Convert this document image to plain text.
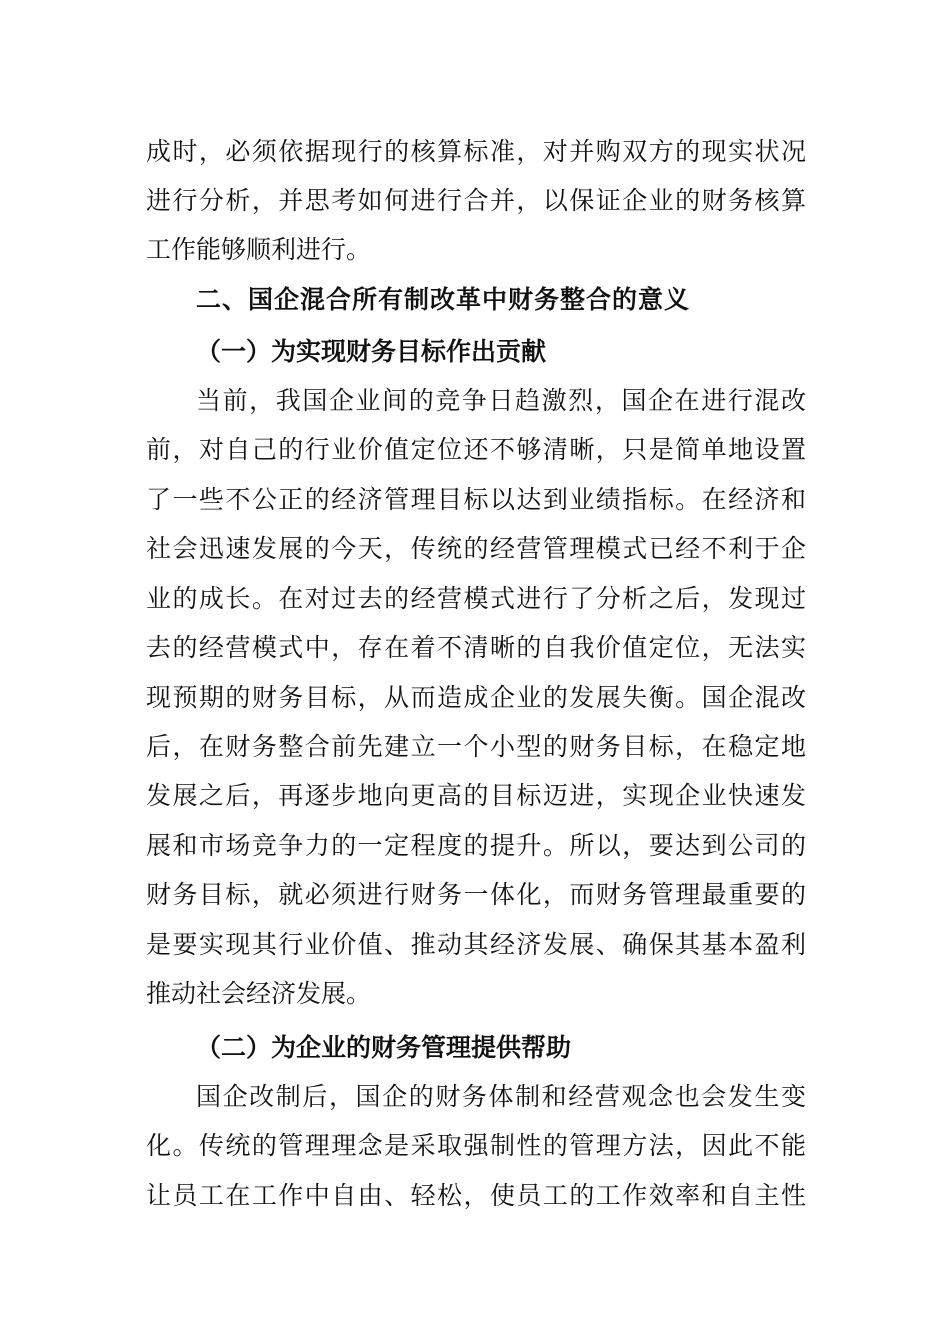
成时，必须依据现行的核算标准，对并购双方的现实状况
进行分析，并思考如何进行合并，以保证企业的财务核算
工作能够顺利进行。
二、国企混合所有制改革中财务整合的意义
（一）为实现财务目标作出贡献
当前，我国企业间的竞争日趋激烈，国企在进行混改
前，对自己的行业价值定位还不够清晰，只是简单地设置
了一些不公正的经济管理目标以达到业绩指标。在经济和
社会迅速发展的今天，传统的经营管理模式已经不利于企
业的成长。在对过去的经营模式进行了分析之后，发现过
去的经营模式中，存在着不清晰的自我价值定位，无法实
现预期的财务目标，从而造成企业的发展失衡。国企混改
后，在财务整合前先建立一个小型的财务目标，在稳定地
发展之后，再逐步地向更高的目标迈进，实现企业快速发
展和市场竞争力的一定程度的提升。所以，要达到公司的
财务目标，就必须进行财务一体化，而财务管理最重要的
是要实现其行业价值、推动其经济发展、确保其基本盈利
推动社会经济发展。
（二）为企业的财务管理提供帮助
国企改制后，国企的财务体制和经营观念也会发生变
化。传统的管理理念是采取强制性的管理方法，因此不能
让员工在工作中自由、轻松，使员工的工作效率和自主性
